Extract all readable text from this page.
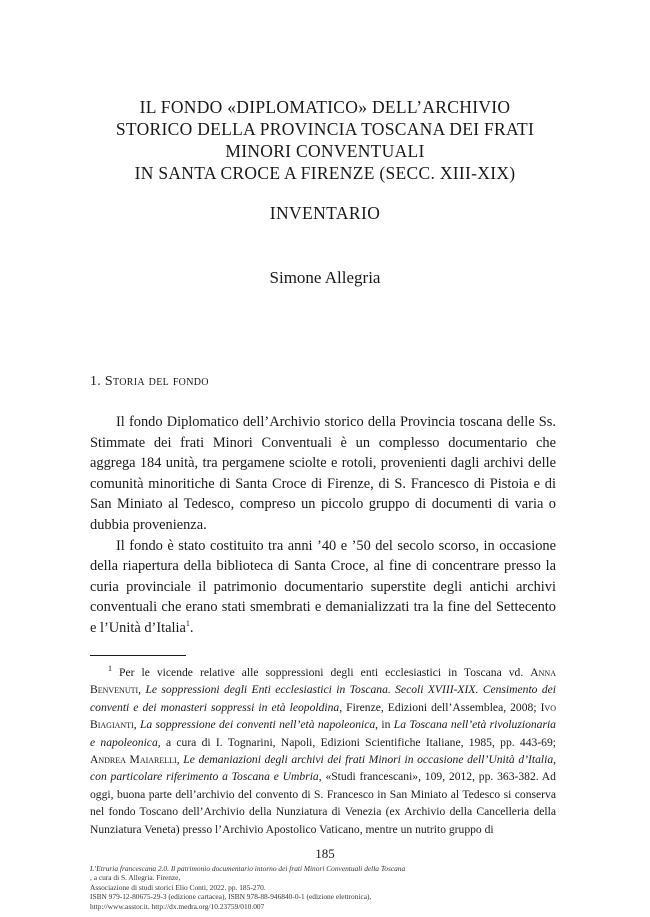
IL FONDO «DIPLOMATICO» DELL’ARCHIVIO
STORICO DELLA PROVINCIA TOSCANA DEI FRATI
MINORI CONVENTUALI
IN SANTA CROCE A FIRENZE (SECC. XIII-XIX)
INVENTARIO
Simone Allegria
1. Storia del fondo

Il fondo Diplomatico dell’Archivio storico della Provincia toscana delle Ss. Stimmate dei frati Minori Conventuali è un complesso documentario che aggrega 184 unità, tra pergamene sciolte e rotoli, provenienti dagli archivi delle comunità minoritiche di Santa Croce di Firenze, di S. Francesco di Pistoia e di San Miniato al Tedesco, compreso un piccolo gruppo di documenti di varia o dubbia provenienza.

Il fondo è stato costituito tra anni ’40 e ’50 del secolo scorso, in occasione della riapertura della biblioteca di Santa Croce, al fine di concentrare presso la curia provinciale il patrimonio documentario superstite degli antichi archivi conventuali che erano stati smembrati e demanializzati tra la fine del Settecento e l’Unità d’Italia$^1$.

$^1$ Per le vicende relative alle soppressioni degli enti ecclesiastici in Toscana vd. Anna Benvenuti, Le soppressioni degli Enti ecclesiastici in Toscana. Secoli XVIII-XIX. Censimento dei conventi e dei monasteri soppressi in età leopoldina, Firenze, Edizioni dell’Assemblea, 2008; Ivo Biagianti, La soppressione dei conventi nell’età napoleonica, in La Toscana nell’età rivoluzionaria e napoleonica, a cura di I. Tognarini, Napoli, Edizioni Scientifiche Italiane, 1985, pp. 443-69; Andrea Maiarelli, Le demaniazioni degli archivi dei frati Minori in occasione dell’Unità d’Italia, con particolare riferimento a Toscana e Umbria, «Studi francescani», 109, 2012, pp. 363-382. Ad oggi, buona parte dell’archivio del convento di S. Francesco in San Miniato al Tedesco si conserva nel fondo Toscano dell’Archivio della Nunziatura di Venezia (ex Archivio della Cancelleria della Nunziatura Veneta) presso l’Archivio Apostolico Vaticano, mentre un nutrito gruppo di
185
L’Etruria francescana 2.0. Il patrimonio documentario intorno dei frati Minori Conventuali della Toscana
, a cura di S. Allegria. Firenze,
Associazione di studi storici Elio Conti, 2022. pp. 185-270.
ISBN 979-12-80675-29-3 (edizione cartacea), ISBN 978-88-946840-0-1 (edizione elettronica),
http://www.asstor.it. http://dx.medra.org/10.23759/010.007
